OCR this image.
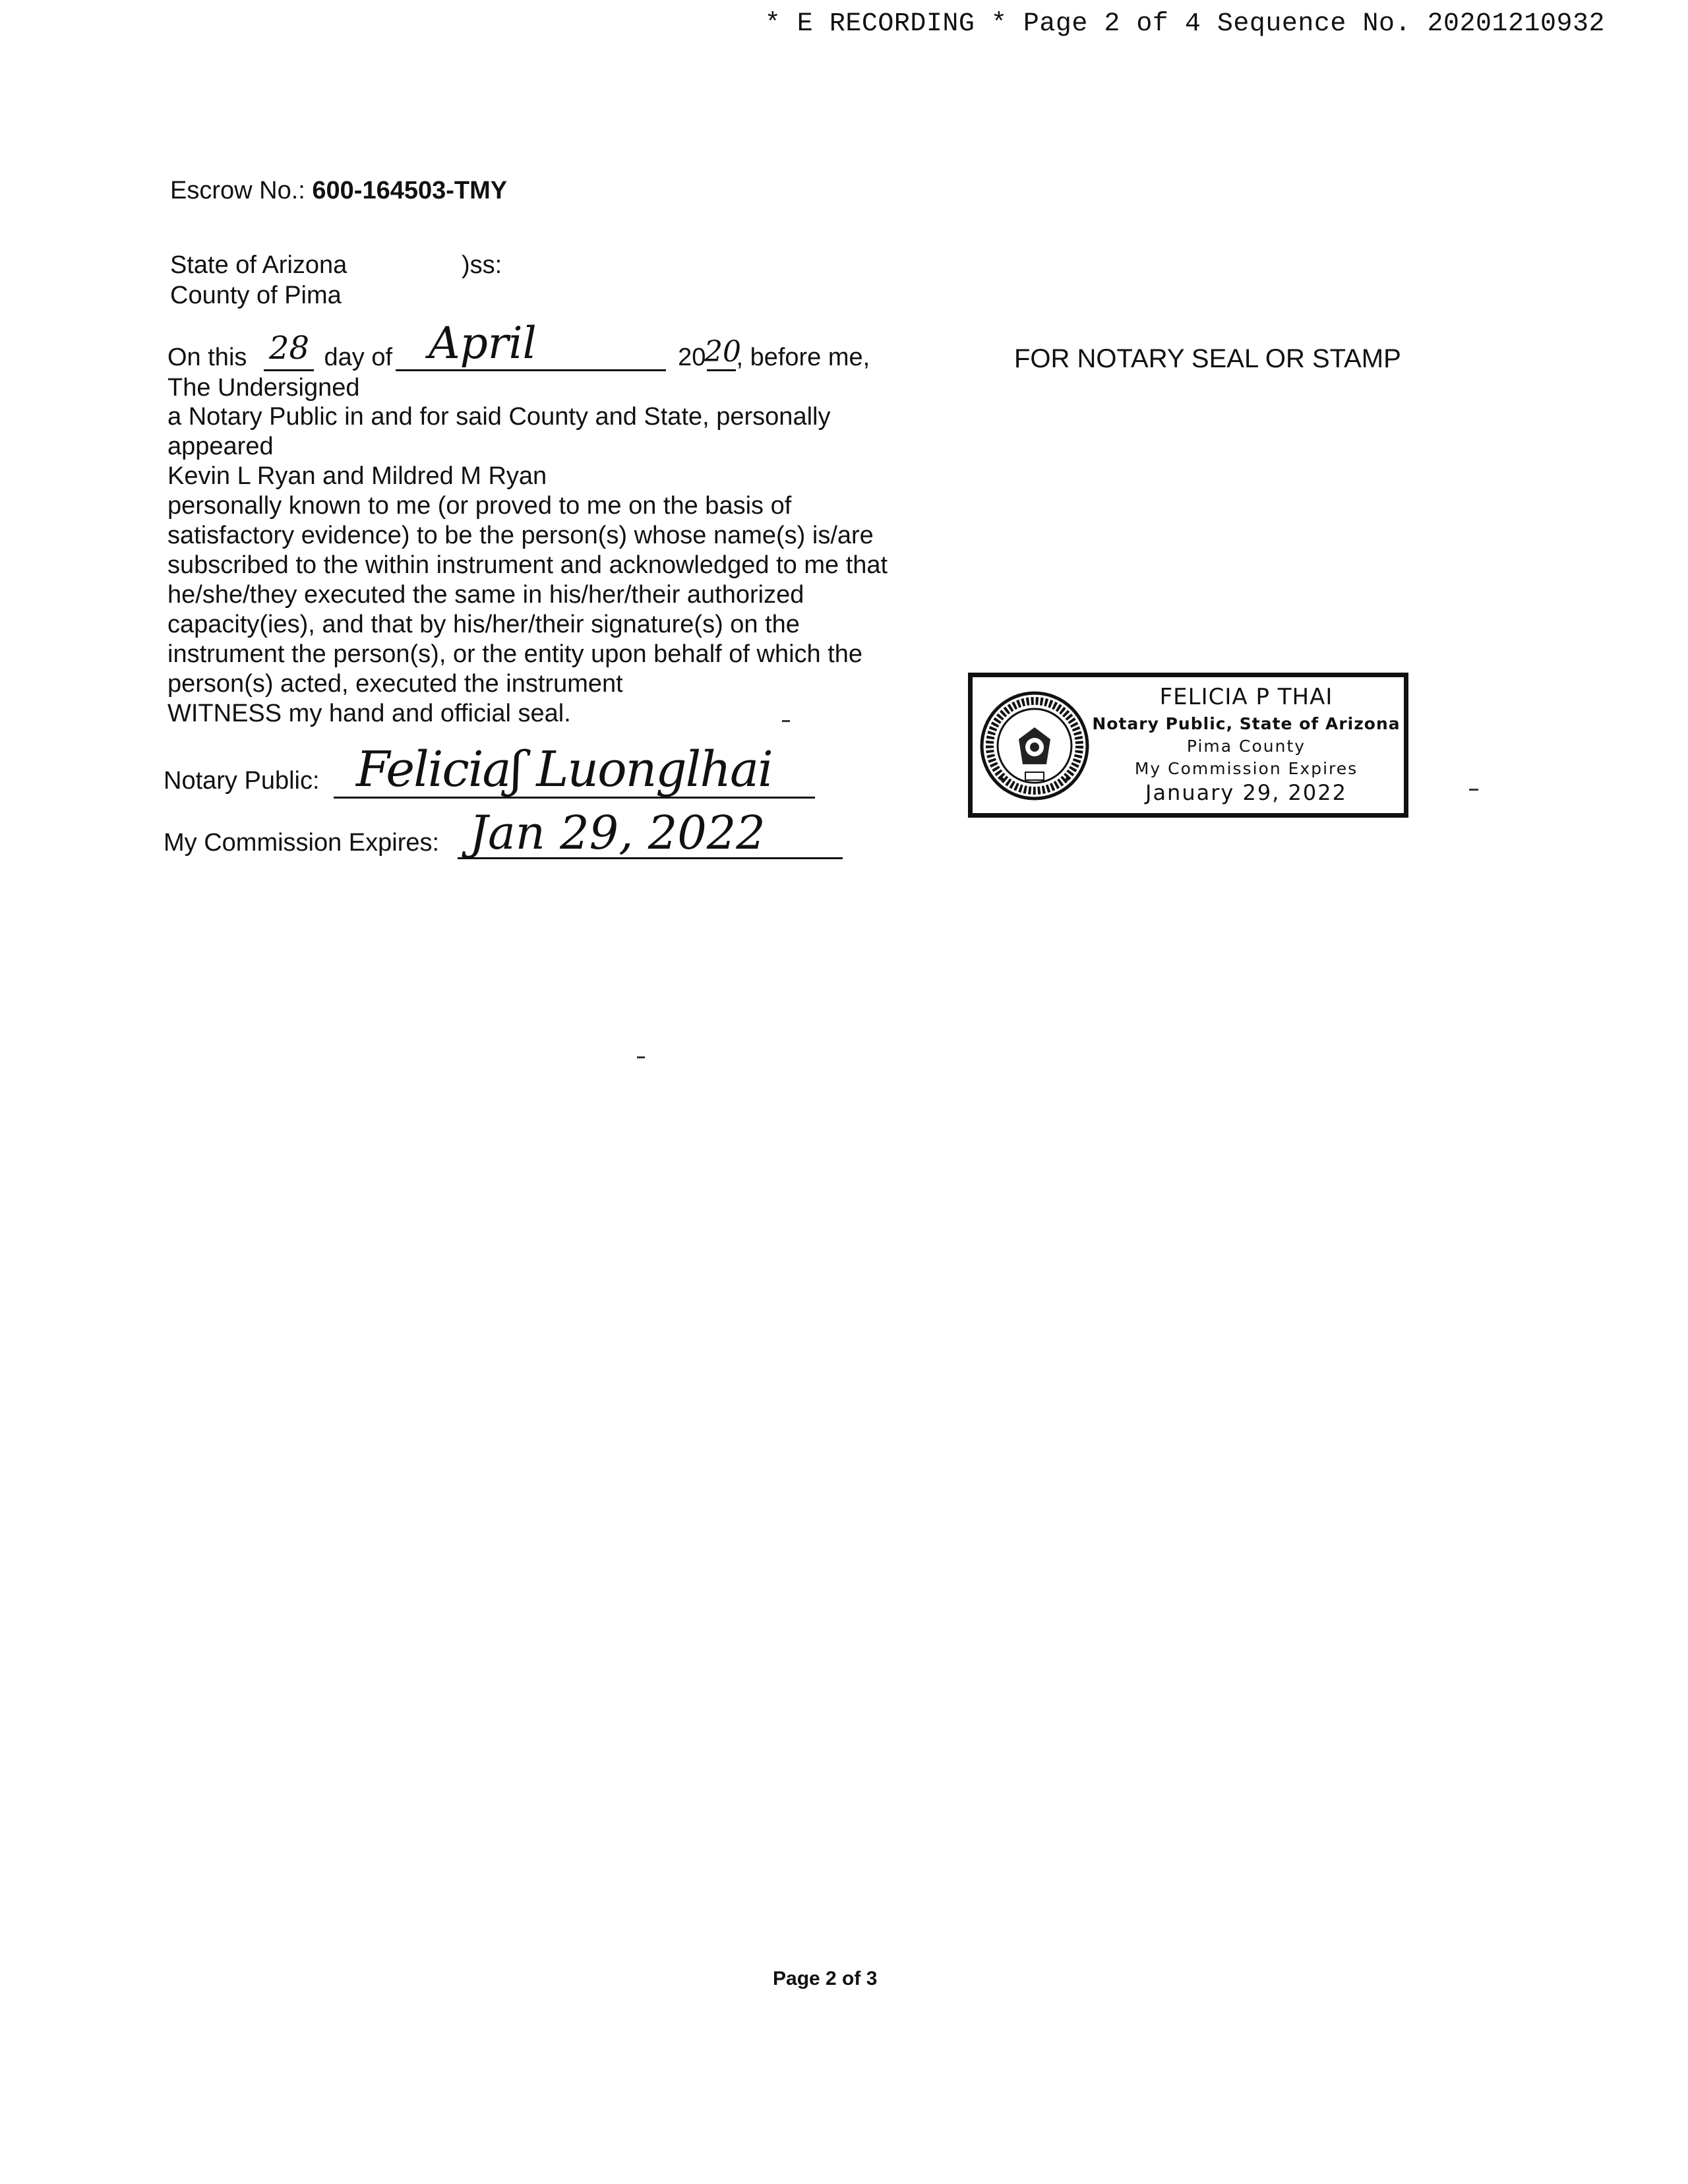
* E RECORDING * Page 2 of 4 Sequence No. 20201210932
Escrow No.: 600-164503-TMY
State of Arizona	)ss:
County of Pima
On this	day of	20 , before me,
28	April	20
The Undersigned
a Notary Public in and for said County and State, personally
appeared
Kevin L Ryan and Mildred M Ryan
personally known to me (or proved to me on the basis of
satisfactory evidence) to be the person(s) whose name(s) is/are
subscribed to the within instrument and acknowledged to me that
he/she/they executed the same in his/her/their authorized
capacity(ies), and that by his/her/their signature(s) on the
instrument the person(s), or the entity upon behalf of which the
person(s) acted, executed the instrument
WITNESS my hand and official seal.
Notary Public: Feliciaʃ Luonglhai
My Commission Expires: Jan 29, 2022
FOR NOTARY SEAL OR STAMP
FELICIA P THAI
Notary Public, State of Arizona
Pima County
My Commission Expires
January 29, 2022
Page 2 of 3
